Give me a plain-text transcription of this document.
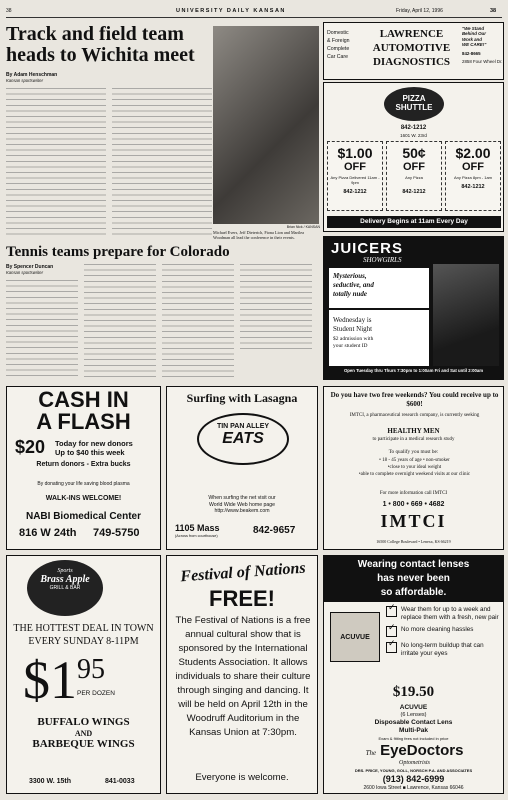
38	UNIVERSITY DAILY KANSAN	Friday, April 12, 1996	38
Track and field team heads to Wichita meet
By Adam Henschman
Kansan sportswriter
Brian Nick / KANSAN
Michael Evers, Jeff Dieterich, Fiona Lion and Marilea Woodman all lead the conference in their events.
Domestic
& Foreign
Complete
Car Care
LAWRENCE
AUTOMOTIVE
DIAGNOSTICS
"We Stand
Behind Our
Work and
WE CARE!"
842-8665
2858 Four Wheel Dr.
PIZZA
SHUTTLE
842-1212
1601 W. 23rd
$1.00
OFF
Any Pizza Delivered 11am - 9pm
842-1212
50¢
OFF
Any Pizza
842-1212
$2.00
OFF
Any Pizza 8pm - 1am
842-1212
Delivery Begins at 11am Every Day
Tennis teams prepare for Colorado
By Spencer Duncan
Kansan sportswriter
JUICERS
SHOWGIRLS
Mysterious,
seductive, and
totally nude
Wednesday is
Student Night
$2 admission with
your student ID
Open Tuesday thru Thurs 7:30pm to 1:00am Fri and Sat until 2:00am
CASH IN
A FLASH
$20 Today for new donors
Up to $40 this week
Return donors - Extra bucks
By donating your life saving blood plasma
WALK-INS WELCOME!
NABI Biomedical Center
816 W 24th 749-5750
Surfing with Lasagna
TIN PAN ALLEY
EATS
When surfing the net visit our
World Wide Web home page
http://www.beakem.com
1105 Mass
(Across from courthouse)	842-9657
Do you have two free weekends? You could receive up to $600!
IMTCI, a pharmaceutical research company, is currently seeking
HEALTHY MEN
to participate in a medical research study
To qualify you must be:
• 18 - 45 years of age • non-smoker
•close to your ideal weight
•able to complete overnight weekend visits at our clinic
For more information call IMTCI
1 • 800 • 669 • 4682
IMTCI
16500 College Boulevard • Lenexa, KS 66219
Sports
Brass Apple
GRILL & BAR
THE HOTTEST DEAL IN TOWN
EVERY SUNDAY 8-11PM
$1 95
PER DOZEN
BUFFALO WINGS
AND
BARBEQUE WINGS
3300 W. 15th	841-0033
Festival of Nations
FREE!
The Festival of Nations is a free annual cultural show that is sponsored by the International Students Association. It allows individuals to share their culture through singing and dancing. It will be held on April 12th in the Woodruff Auditorium in the Kansas Union at 7:30pm.
Everyone is welcome.
Wearing contact lenses
has never been
so affordable.
ACUVUE
✓
Wear them for up to a week and replace them with a fresh, new pair
✓
No more cleaning hassles
✓
No long-term buildup that can irritate your eyes
$19.50
ACUVUE
(6 Lenses)
Disposable Contact Lens
Multi-Pak
Exam & fitting fees not included in price
The EyeDoctors
Optometrists
DRS. PRICE, YOUNG, GOLL, NORSCH P.A. AND ASSOCIATES
(913) 842-6999
2600 Iowa Street ■ Lawrence, Kansas 66046
